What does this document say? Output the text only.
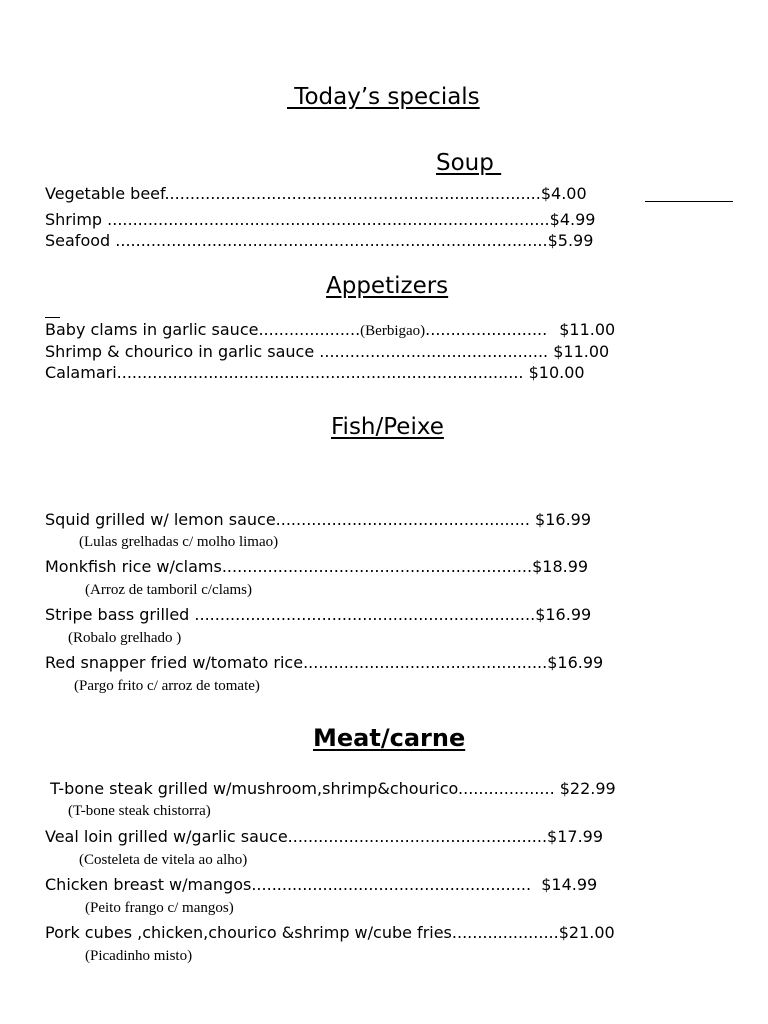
Today’s specials
Soup
Vegetable beef..........................................................................$4.00
Shrimp .......................................................................................$4.99
Seafood .....................................................................................$5.99
Appetizers
Baby clams in garlic sauce....................(Berbigao)........................ $11.00
Shrimp & chourico in garlic sauce ............................................. $11.00
Calamari................................................................................ $10.00
Fish/Peixe
Squid grilled w/ lemon sauce.................................................. $16.99
(Lulas grelhadas c/ molho limao)
Monkfish rice w/clams.............................................................$18.99
(Arroz de tamboril c/clams)
Stripe bass grilled ...................................................................$16.99
(Robalo grelhado )
Red snapper fried w/tomato rice................................................$16.99
(Pargo frito c/ arroz de tomate)
Meat/carne
T-bone steak grilled w/mushroom,shrimp&chourico................... $22.99
(T-bone steak chistorra)
Veal loin grilled w/garlic sauce...................................................$17.99
(Costeleta de vitela ao alho)
Chicken breast w/mangos.......................................................  $14.99
(Peito frango c/ mangos)
Pork cubes ,chicken,chourico &shrimp w/cube fries.....................$21.00
(Picadinho misto)
